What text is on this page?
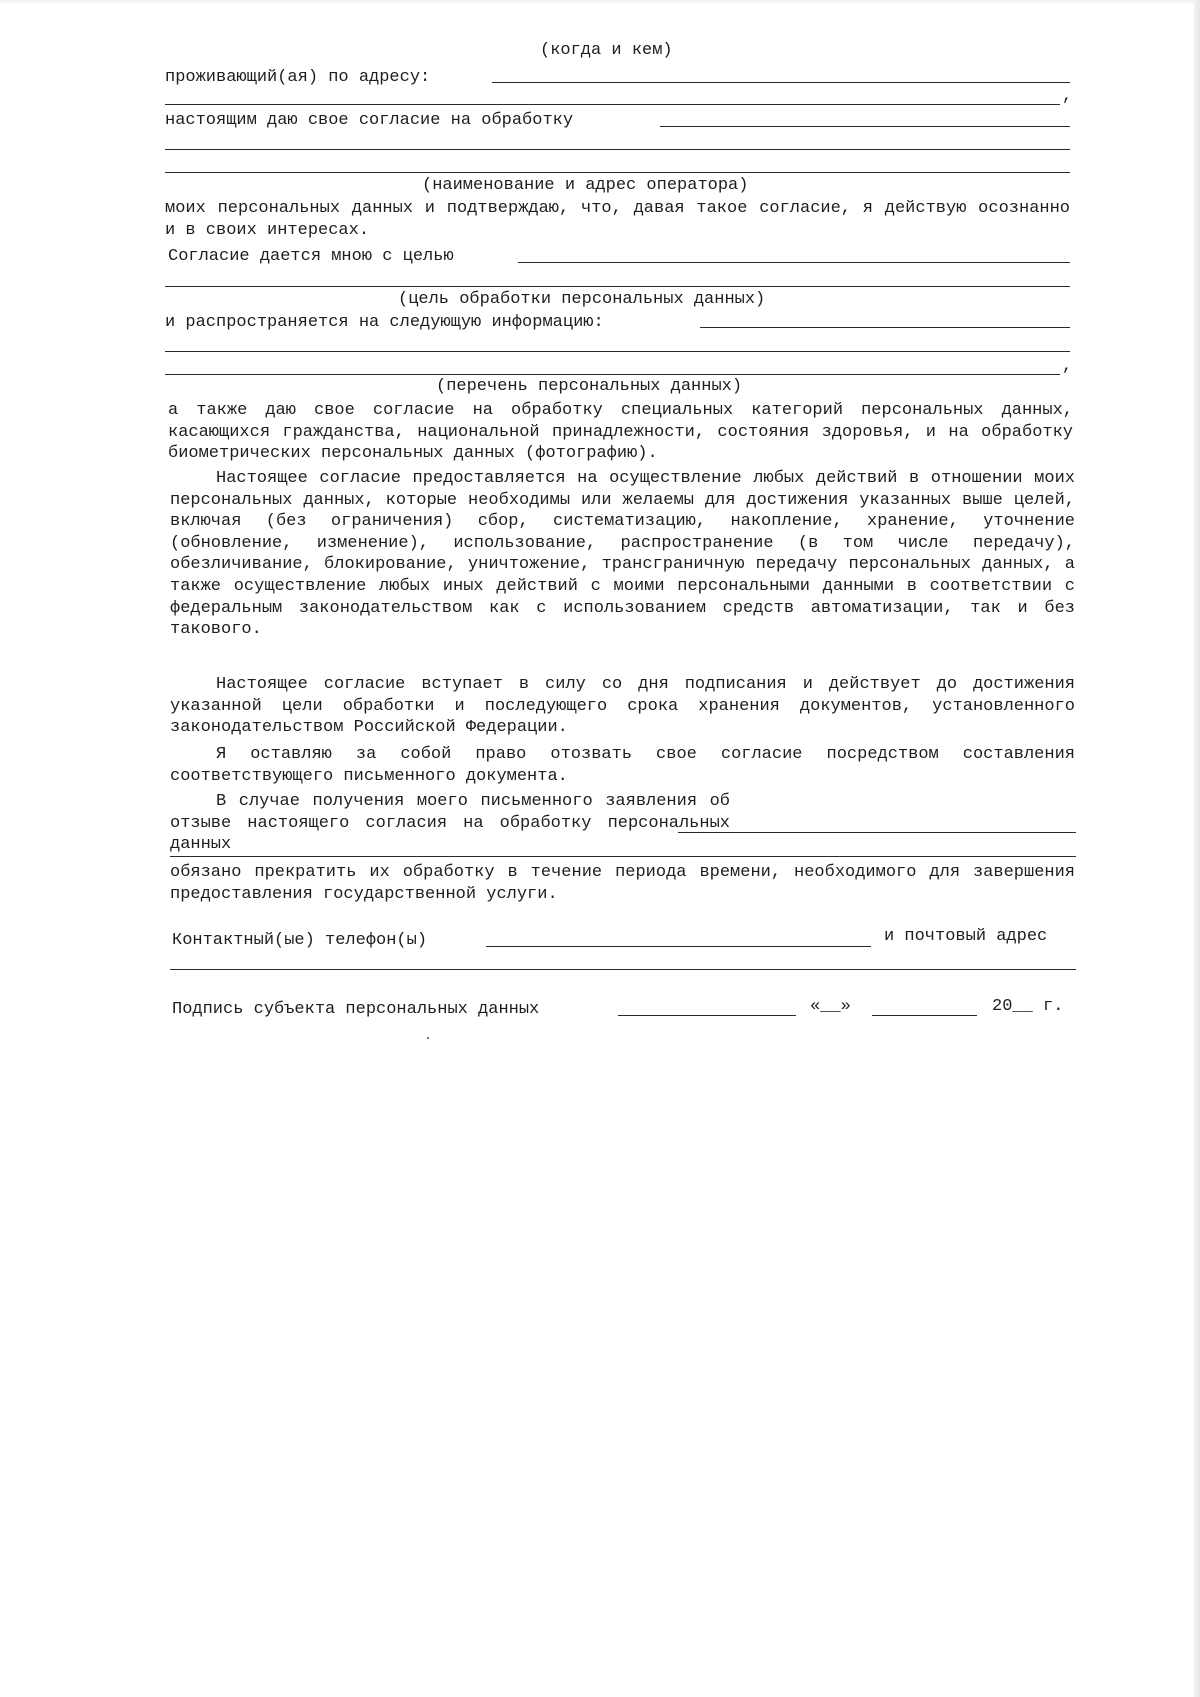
(когда и кем)
проживающий(ая) по адресу:
,
настоящим даю свое согласие на обработку
(наименование и адрес оператора)
моих персональных данных и подтверждаю, что, давая такое согласие, я действую осознанно и в своих интересах.
Согласие дается мною с целью
(цель обработки персональных данных)
и распространяется на следующую информацию:
,
(перечень персональных данных)
а также даю свое согласие на обработку специальных категорий персональных данных, касающихся гражданства, национальной принадлежности, состояния здоровья, и на обработку биометрических персональных данных (фотографию).
Настоящее согласие предоставляется на осуществление любых действий в отношении моих персональных данных, которые необходимы или желаемы для достижения указанных выше целей, включая (без ограничения) сбор, систематизацию, накопление, хранение, уточнение (обновление, изменение), использование, распространение (в том числе передачу), обезличивание, блокирование, уничтожение, трансграничную передачу персональных данных, а также осуществление любых иных действий с моими персональными данными в соответствии с федеральным законодательством как с использованием средств автоматизации, так и без такового.
Настоящее согласие вступает в силу со дня подписания и действует до достижения указанной цели обработки и последующего срока хранения документов, установленного законодательством Российской Федерации.
Я оставляю за собой право отозвать свое согласие посредством составления соответствующего письменного документа.
В случае получения моего письменного заявления об отзыве настоящего согласия на обработку персональных данных
обязано прекратить их обработку в течение периода времени, необходимого для завершения предоставления государственной услуги.
Контактный(ые) телефон(ы)	и почтовый адрес
Подпись субъекта персональных данных	«__»	20__ г.
